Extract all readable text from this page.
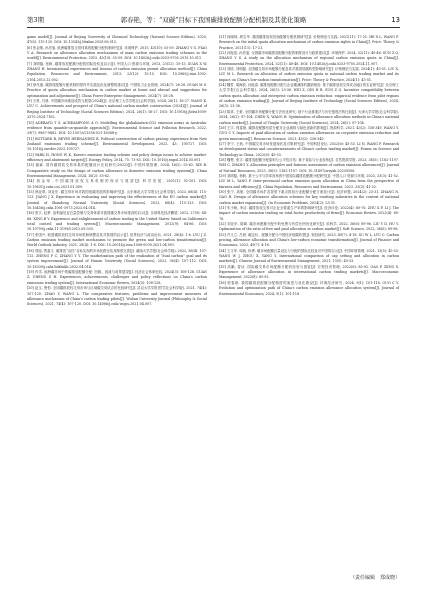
第3期	郭春艳，等：“双碳”目标下我国碳排放配额分配机制及其优化策略	13

game model[J]. Journal of Beijing University of Chemical Technology (Natural Science Edition), 2020, 47(6): 115-120. DOI: 10.13543/j.bhxbzr.2020.06.015.

[6] 张金刚, 孙亮旭. 欧洲碳排放交易体系的配额分配机制研究[J]. 环境保护, 2015, 43(10): 55-59. ZHANG Y G, FIAO Y A. Research on allowance allocation mechanisms of main carbon emission trading schemes in the world[J]. Environmental Protection, 2015, 43(10): 55-59. DOI: 10.14026/j.cnki.0253-9705.2015.10.011.

[7] 刘明磊, 张帆. 碳排放权配额分配的国际经验及启示[J]. 中国人口·资源与环境, 2013, 23(12): 10-15. XUAN X W, ZHANG H. International experiences and lessons of carbon emission permit allocation method[J]. China Population, Resources and Environment, 2013, 23(12): 10-15. DOI: 10.3969/j.issn.1002-2104.2013.12.002.

[8] 徐茂盛. 碳排放配额分配机制的国内外实践及优化调整的建议[J]. 中国电力企业管理, 2024(7): 26-28. DUAN M S. Practice of quota allocation mechanism in carbon market at home and abroad and suggestions for optimization and adjustment[J]. China Power Enterprise Management, 2024(7): 26-28.

[9] 王科, 吕晨. 中国碳市场建设成效与展望(2024)[J]. 北京理工大学学报(社会科学版), 2024, 26(1): 16-27. WANG K, LYU C. Achievements and prospect of China's national carbon market construction (2024)[J]. Journal of Beijing Institute of Technology (Social Sciences Edition), 2024, 26(1): 16-27. DOI: 10.15918/j.jbitss1009-3370.2024.7182.

[10] ADEBAYO T S, ACHEAMPONG A O. Modelling the globalization-CO2 emission nexus in Australia: evidence from quantile-on-quantile approach[J]. Environmental Science and Pollution Research, 2022, 29(7): 9867-9882. DOI: 10.1007/s11356-021-16368-y.

[11] BOTTARD B, REYES HERNÁNDEZ B. Political construction of carbon pricing: experience from New Zealand emissions trading scheme[J]. Environmental Development, 2022, 43: 100727. DOI: 10.1016/j.envdev.2022.100727.

[12] PARK H, HONG W K. Korea's emission trading scheme and policy design issues to achieve market-efficiency and abatement targets[J]. Energy Policy, 2014, 75: 73-83. DOI: 10.1016/j.enpol.2014.05.001.

[13] 谢斌. 国内碳排放交易体系的配额设计比较研究(2022)[J]. 中国环境管理, 2024, 16(2): 55-62. XIE B. Comparative study on the design of carbon allowance in domestic emission trading systems[J]. China Environmental Management, 2024, 16(2): 55-62.

[14] 蒋金荣. 中国碳排放权交易机制的现状与展望[J]. 科学发展, 2021(1): 92-101. DOI: 10.19631/j.cnki.css.2021.01.009.

[15] 韩亚琪, 刘亚东. 碳交易市场对我国低碳发展的影响研究[J]. 山东师范大学学报(社会科学版), 2023, 68(4): 115-123. JIANG J X. Experience in evaluating and improving the effectiveness of the EU carbon market[J]. Journal of Shandong Normal University (Social Sciences), 2023, 68(4): 115-123. DOI: 10.16456/j.cnki.1001-5973.2023.04.014.

[16] 张宇, 赵梦. 加利福尼亚总量控制与交易体系对我国碳交易市场建设的启示[J]. 全球科技经济瞭望, 2012, 27(9): 84-86. XING B Y. Experience and enlightenment of carbon trading in the United States: based on California's total control and trading system[J]. Macroeconomic Management, 2012(9): 84-86. DOI: 10.19709/j.cnki.11-3199/f.2012.09.033.

[17] 张国兴. 欧盟碳排放权交易市场机制调整及其对我国的启示[J]. 世界经济与政治论坛, 2021, 28(4): 1-6. LYU J Z. Carbon emission trading market mechanism to promote the green and low-carbon transformation[J]. World Outlook Industry, 2021, 28(4): 1-6. DOI: 10.20014/j.issn.1006-0030.2021.04.001.

[18] 郑旭, 贾嘉文. 碳排放“双控”目标实现的市场化路径及其制度完善[J]. 湖南大学学报(社会科学版), 2022, 36(4): 107-112. ZHENG F C, ZHANG Y Y. The marketization path of the realization of “dual carbon” goal and its system improvement[J]. Journal of Hunan University (Social Sciences), 2022, 36(4): 107-112. DOI: 10.16339/j.cnki.hdxbskb.2022.04.014.

[19] 肖雪. 欧洲碳市场中的碳排放配额分配: 回顾、挑战与前景展望[J]. 经济社会体制比较, 2024(3): 108-128. GUAN Z, CHENG S H. Experiences, achievements, challenges and policy reflections on China's carbon emissions trading system[J]. International Economic Review, 2024(3): 108-128.

[20] 赵玉, 鲁恒. 全国碳排放权交易市场与区域碳交易试点的比较研究[J]. 武汉大学学报(哲学社会科学版), 2021, 74(4): 107-120. ZHAO Y, WANG L. The comparative features, problems and improvement measures of allowance mechanism of China's carbon trading pilots[J]. Wuhan University Journal (Philosophy & Social Sciences), 2021, 74(4): 107-120. DOI: 10.14086/j.cnki.wujss.2021.04.007.

[21] 何晓林, 颜宝华. 我国碳排放权初始配额分配机制研究[J]. 价格理论与实践, 2021(11): 17-21. HE X L, WANG F. Research on the initial quota allocation mechanism of carbon emission rights in China[J]. Price: Theory & Practice, 2021(11): 17-21.

[22] 孙振清, 孙亮旭. 全国碳市场碳排放配额分配的制度设计与政策建议[J]. 环境保护, 2024, 52(11): 40-46. SUN Z Q, ZHANG Y S. A study on the allocation mechanism of regional carbon emission quota in China[J]. Environmental Protection, 2024, 52(11): 40-46. DOI: 10.14026/j.cnki.0253-9705.2024.11.007.

[23] 刘欣, 刘明磊. 全国碳交易市场配额分配及其对我国低碳转型影响研究[J]. 价格理论与实践, 2024(1): 45-51. LIU X, LIU M L. Research on allocation of carbon emission quota in national carbon trading market and its impact on China's low-carbon transformation[J]. Price: Theory & Practice, 2024(1): 45-51.

[24] 魏哲, 秦海波, 孙振清. 碳排放配额分配与企业碳减排的激励相容: 基于碳排放权交易试点地区的实证研究[J]. 北京理工大学学报(社会科学版), 2024, 26(3): 23-36. WEI Z, QIN H B, SUN Z Q. Incentive compatibility between carbon quota allocation and enterprise carbon emission reduction: empirical evidence from pilot regions of carbon emission trading[J]. Journal of Beijing Institute of Technology (Social Sciences Edition), 2024, 26(3): 23-36.

[25] 陈祥, 王豪. 全国碳市场配额分配方法优化研究: 基于行业基准法与历史强度法的比较[J]. 天津大学学报(社会科学版), 2024, 26(2): 97-104. CHEN X, WANG H. Optimization of allowance allocation methods in China's national carbon market[J]. Journal of Tianjin University (Social Sciences), 2024, 26(2): 97-104.

[26] 王宇, 郭春艳. 碳排放配额有偿分配对企业减排与绿色创新的影响[J]. 资源科学, 2021, 43(2): 338-349. WANG Y, GUO C Y. Impacts of paid allocation of carbon emission allowances on corporate emission reduction and green innovation[J]. Resources Science, 2021, 43(2): 338-349.

[27] 李宁, 王帆. 中国碳交易市场发展现状及对策研究[J]. 中国科技论坛, 2022(6): 45-53. LI N, WANG F. Research on development status and countermeasures of China's carbon trading market[J]. Forum on Science and Technology in China, 2022(6): 45-53.

[28] 魏楚, 张宇. 碳排放配额分配原则与公平性评估: 基于省际与行业视角[J]. 自然资源学报, 2023, 38(5): 1182-1197. WEI C, ZHANG Y. Allocation principles and fairness assessment of carbon emission allowances[J]. Journal of Natural Resources, 2023, 38(5): 1182-1197. DOI: 10.31497/zrzyxb.20230506.

[29] 刘明磊, 杨帆. 基于公平与效率视角的中国省际碳排放配额分配研究[J]. 中国人口·资源与环境, 2023, 33(3): 41-52. LIU M L, YANG F. Inter-provincial carbon emission quota allocation in China from the perspective of fairness and efficiency[J]. China Population, Resources and Environment, 2023, 33(3): 41-52.

[30] 张宁, 高航. 全国碳市场扩容背景下重点排放行业配额分配方案设计[J]. 经济问题, 2024(2): 23-31. ZHANG N, GAO H. Design of allowance allocation schemes for key emitting industries in the context of national carbon market expansion[J]. On Economic Problems, 2024(2): 23-31.

[31] 朱小帆, 李洁. 碳排放权交易对企业全要素生产率的影响研究[J]. 经济评论, 2022(4): 60-76. ZHU X F, LI J. The impact of carbon emission trading on total factor productivity of firms[J]. Economic Review, 2022(4): 60-76.

[32] 刘亚东, 胡瑜. 碳市场配额分配中的免费与有偿比例优化研究[J]. 软科学, 2022, 36(6): 89-96. LIU Y D, HU Y. Optimization of the ratio of free and paid allocation in carbon market[J]. Soft Science, 2022, 36(6): 89-96.

[33] 许文立, 吕晨. 碳定价、配额分配与中国经济低碳转型[J]. 财经研究, 2023, 49(7): 4-18. XU W L, LYU C. Carbon pricing, allowance allocation and China's low-carbon economic transformation[J]. Journal of Finance and Economics, 2023, 49(7): 4-18.

[34] 王文军, 周晓, 杨勇. 碳市场配额总量设定与分配的国际比较及对中国的启示[J]. 中国环境管理, 2021, 13(5): 45-53. WANG W J, ZHOU X, YANG Y. International comparison of cap setting and allocation in carbon markets[J]. Chinese Journal of Environmental Management, 2021, 13(5): 45-53.

[35] 高鹏, 曾诗. 国际碳交易市场配额分配的经验与借鉴[J]. 宏观经济管理, 2022(8): 85-92. GAO P, ZENG S. Experience of allowance allocation in international carbon trading markets[J]. Macroeconomic Management, 2022(8): 85-92.

[36] 郭春艳. 我国碳排放配额分配制度的演进与优化路径[J]. 环境经济研究, 2024, 9(1): 101-118. GUO C Y. Evolution and optimization path of China's carbon emission allowance allocation system[J]. Journal of Environmental Economics, 2024, 9(1): 101-118.

（责任编辑　郑成晓）
